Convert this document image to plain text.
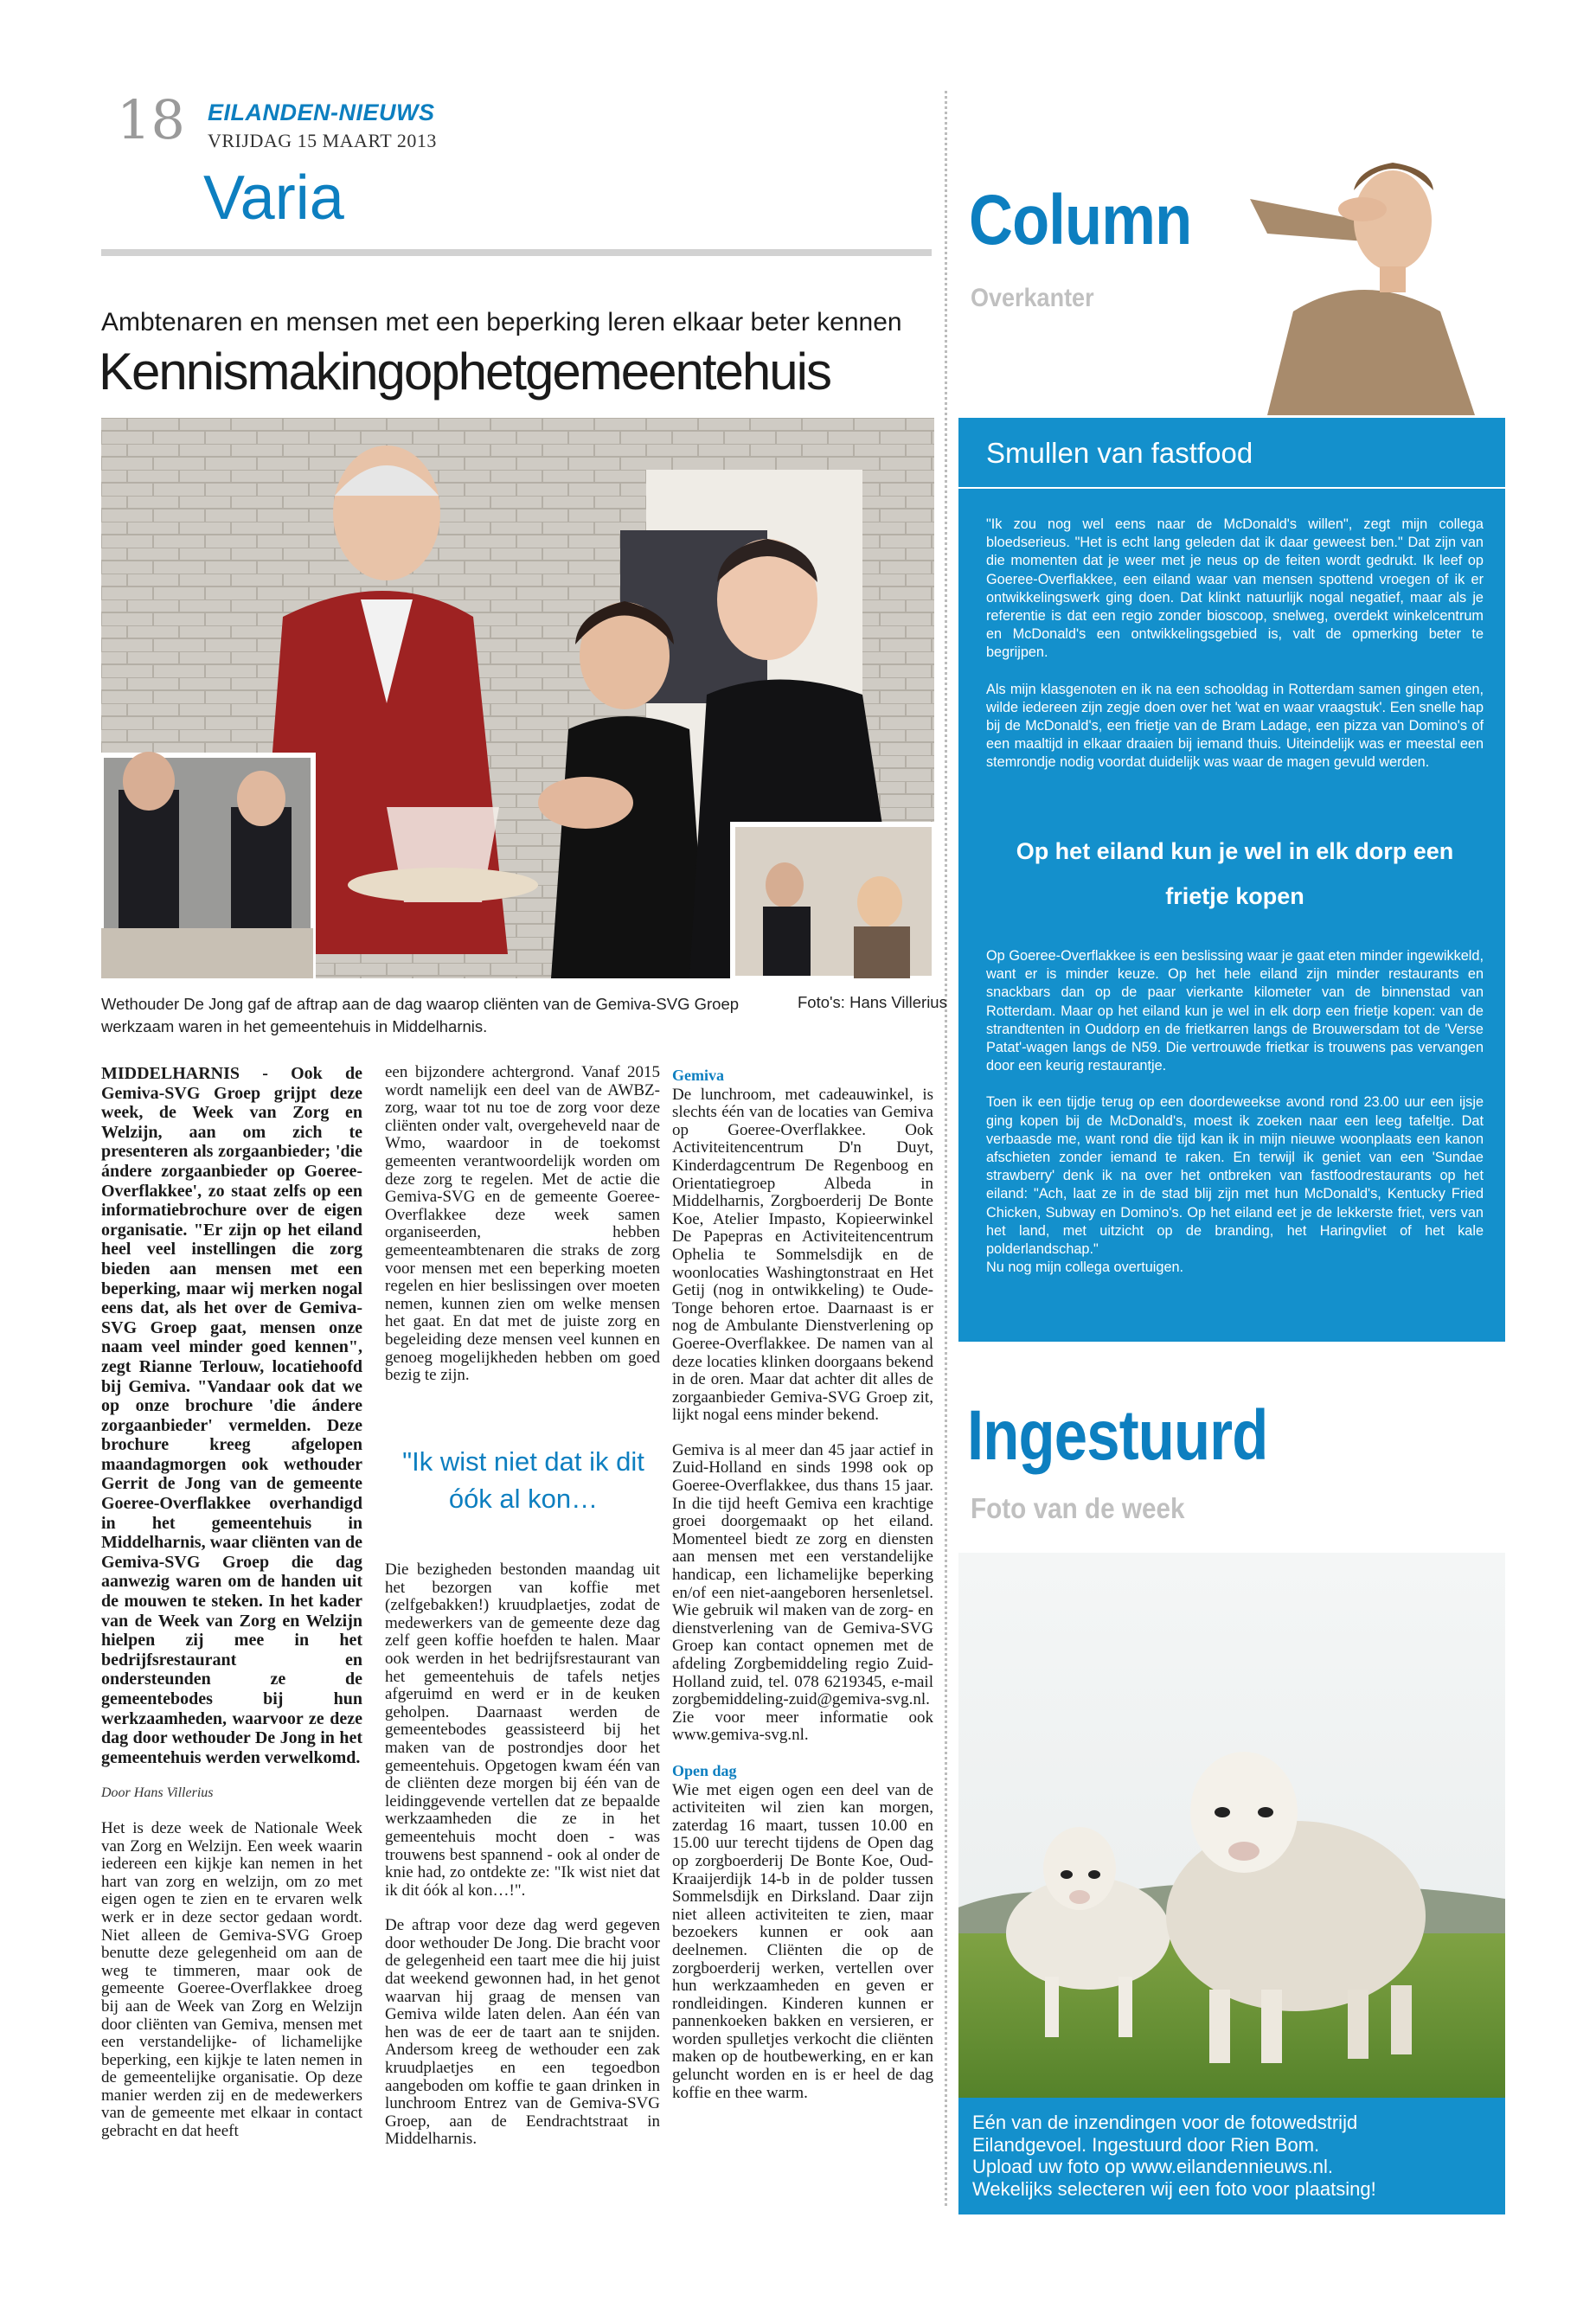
18 EILANDEN-NIEUWS
VRIJDAG 15 MAART 2013
Varia
Ambtenaren en mensen met een beperking leren elkaar beter kennen
Kennismakingophetgemeentehuis
Wethouder De Jong gaf de aftrap aan de dag waarop cliënten van de Gemiva-SVG Groep werkzaam waren in het gemeentehuis in Middelharnis.
Foto's: Hans Villerius

MIDDELHARNIS - Ook de Gemiva-SVG Groep grijpt deze week, de Week van Zorg en Welzijn, aan om zich te presenteren als zorgaanbieder; 'die ándere zorgaanbieder op Goeree-Overflakkee', zo staat zelfs op een informatiebrochure over de eigen organisatie. "Er zijn op het eiland heel veel instellingen die zorg bieden aan mensen met een beperking, maar wij merken nogal eens dat, als het over de Gemiva-SVG Groep gaat, mensen onze naam veel minder goed kennen", zegt Rianne Terlouw, locatiehoofd bij Gemiva. "Vandaar ook dat we op onze brochure 'die ándere zorgaanbieder' vermelden. Deze brochure kreeg afgelopen maandagmorgen ook wethouder Gerrit de Jong van de gemeente Goeree-Overflakkee overhandigd in het gemeentehuis in Middelharnis, waar cliënten van de Gemiva-SVG Groep die dag aanwezig waren om de handen uit de mouwen te steken. In het kader van de Week van Zorg en Welzijn hielpen zij mee in het bedrijfsrestaurant en ondersteunden ze de gemeentebodes bij hun werkzaamheden, waarvoor ze deze dag door wethouder De Jong in het gemeentehuis werden verwelkomd.

Door Hans Villerius

Het is deze week de Nationale Week van Zorg en Welzijn. Een week waarin iedereen een kijkje kan nemen in het hart van zorg en welzijn, om zo met eigen ogen te zien en te ervaren welk werk er in deze sector gedaan wordt. Niet alleen de Gemiva-SVG Groep benutte deze gelegenheid om aan de weg te timmeren, maar ook de gemeente Goeree-Overflakkee droeg bij aan de Week van Zorg en Welzijn door cliënten van Gemiva, mensen met een verstandelijke- of lichamelijke beperking, een kijkje te laten nemen in de gemeentelijke organisatie. Op deze manier werden zij en de medewerkers van de gemeente met elkaar in contact gebracht en dat heeft

een bijzondere achtergrond. Vanaf 2015 wordt namelijk een deel van de AWBZ-zorg, waar tot nu toe de zorg voor deze cliënten onder valt, overgeheveld naar de Wmo, waardoor in de toekomst gemeenten verantwoordelijk worden om deze zorg te regelen. Met de actie die Gemiva-SVG en de gemeente Goeree-Overflakkee deze week samen organiseerden, hebben gemeenteambtenaren die straks de zorg voor mensen met een beperking moeten regelen en hier beslissingen over moeten nemen, kunnen zien om welke mensen het gaat. En dat met de juiste zorg en begeleiding deze mensen veel kunnen en genoeg mogelijkheden hebben om goed bezig te zijn.

"Ik wist niet dat ik dit óók al kon…

Die bezigheden bestonden maandag uit het bezorgen van koffie met (zelfgebakken!) kruudplaetjes, zodat de medewerkers van de gemeente deze dag zelf geen koffie hoefden te halen. Maar ook werden in het bedrijfsrestaurant van het gemeentehuis de tafels netjes afgeruimd en werd er in de keuken geholpen. Daarnaast werden de gemeentebodes geassisteerd bij het maken van de postrondjes door het gemeentehuis. Opgetogen kwam één van de cliënten deze morgen bij één van de leidinggevende vertellen dat ze bepaalde werkzaamheden die ze in het gemeentehuis mocht doen - was trouwens best spannend - ook al onder de knie had, zo ontdekte ze: "Ik wist niet dat ik dit óók al kon…!".

De aftrap voor deze dag werd gegeven door wethouder De Jong. Die bracht voor de gelegenheid een taart mee die hij juist dat weekend gewonnen had, in het genot waarvan hij graag de mensen van Gemiva wilde laten delen. Aan één van hen was de eer de taart aan te snijden. Andersom kreeg de wethouder een zak kruudplaetjes en een tegoedbon aangeboden om koffie te gaan drinken in lunchroom Entrez van de Gemiva-SVG Groep, aan de Eendrachtstraat in Middelharnis.

Gemiva

De lunchroom, met cadeauwinkel, is slechts één van de locaties van Gemiva op Goeree-Overflakkee. Ook Activiteitencentrum D'n Duyt, Kinderdagcentrum De Regenboog en Orientatiegroep Albeda in Middelharnis, Zorgboerderij De Bonte Koe, Atelier Impasto, Kopieerwinkel De Papepras en Activiteitencentrum Ophelia te Sommelsdijk en de woonlocaties Washingtonstraat en Het Getij (nog in ontwikkeling) te Oude-Tonge behoren ertoe. Daarnaast is er nog de Ambulante Dienstverlening op Goeree-Overflakkee. De namen van al deze locaties klinken doorgaans bekend in de oren. Maar dat achter dit alles de zorgaanbieder Gemiva-SVG Groep zit, lijkt nogal eens minder bekend.

Gemiva is al meer dan 45 jaar actief in Zuid-Holland en sinds 1998 ook op Goeree-Overflakkee, dus thans 15 jaar. In die tijd heeft Gemiva een krachtige groei doorgemaakt op het eiland. Momenteel biedt ze zorg en diensten aan mensen met een verstandelijke handicap, een lichamelijke beperking en/of een niet-aangeboren hersenletsel. Wie gebruik wil maken van de zorg- en dienstverlening van de Gemiva-SVG Groep kan contact opnemen met de afdeling Zorgbemiddeling regio Zuid-Holland zuid, tel. 078 6219345, e-mail zorgbemiddeling-zuid@gemiva-svg.nl. Zie voor meer informatie ook www.gemiva-svg.nl.

Open dag

Wie met eigen ogen een deel van de activiteiten wil zien kan morgen, zaterdag 16 maart, tussen 10.00 en 15.00 uur terecht tijdens de Open dag op zorgboerderij De Bonte Koe, Oud-Kraaijerdijk 14-b in de polder tussen Sommelsdijk en Dirksland. Daar zijn niet alleen activiteiten te zien, maar bezoekers kunnen er ook aan deelnemen. Cliënten die op de zorgboerderij werken, vertellen over hun werkzaamheden en geven er rondleidingen. Kinderen kunnen er pannenkoeken bakken en versieren, er worden spulletjes verkocht die cliënten maken op de houtbewerking, en er kan geluncht worden en is er heel de dag koffie en thee warm.

Column
Overkanter
Smullen van fastfood

"Ik zou nog wel eens naar de McDonald's willen", zegt mijn collega bloedserieus. "Het is echt lang geleden dat ik daar geweest ben." Dat zijn van die momenten dat je weer met je neus op de feiten wordt gedrukt. Ik leef op Goeree-Overflakkee, een eiland waar van mensen spottend vroegen of ik er ontwikkelingswerk ging doen. Dat klinkt natuurlijk nogal negatief, maar als je referentie is dat een regio zonder bioscoop, snelweg, overdekt winkelcentrum en McDonald's een ontwikkelingsgebied is, valt de opmerking beter te begrijpen.

Als mijn klasgenoten en ik na een schooldag in Rotterdam samen gingen eten, wilde iedereen zijn zegje doen over het 'wat en waar vraagstuk'. Een snelle hap bij de McDonald's, een frietje van de Bram Ladage, een pizza van Domino's of een maaltijd in elkaar draaien bij iemand thuis. Uiteindelijk was er meestal een stemrondje nodig voordat duidelijk was waar de magen gevuld werden.

Op het eiland kun je wel in elk dorp een frietje kopen

Op Goeree-Overflakkee is een beslissing waar je gaat eten minder ingewikkeld, want er is minder keuze. Op het hele eiland zijn minder restaurants en snackbars dan op de paar vierkante kilometer van de binnenstad van Rotterdam. Maar op het eiland kun je wel in elk dorp een frietje kopen: van de strandtenten in Ouddorp en de frietkarren langs de Brouwersdam tot de 'Verse Patat'-wagen langs de N59. Die vertrouwde frietkar is trouwens pas vervangen door een keurig restaurantje.

Toen ik een tijdje terug op een doordeweekse avond rond 23.00 uur een ijsje ging kopen bij de McDonald's, moest ik zoeken naar een leeg tafeltje. Dat verbaasde me, want rond die tijd kan ik in mijn nieuwe woonplaats een kanon afschieten zonder iemand te raken. En terwijl ik geniet van een 'Sundae strawberry' denk ik na over het ontbreken van fastfoodrestaurants op het eiland: "Ach, laat ze in de stad blij zijn met hun McDonald's, Kentucky Fried Chicken, Subway en Domino's. Op het eiland eet je de lekkerste friet, vers van het land, met uitzicht op de branding, het Haringvliet of het kale polderlandschap."

Nu nog mijn collega overtuigen.

Ingestuurd
Foto van de week
Eén van de inzendingen voor de fotowedstrijd
Eilandgevoel. Ingestuurd door Rien Bom.
Upload uw foto op www.eilandennieuws.nl.
Wekelijks selecteren wij een foto voor plaatsing!
